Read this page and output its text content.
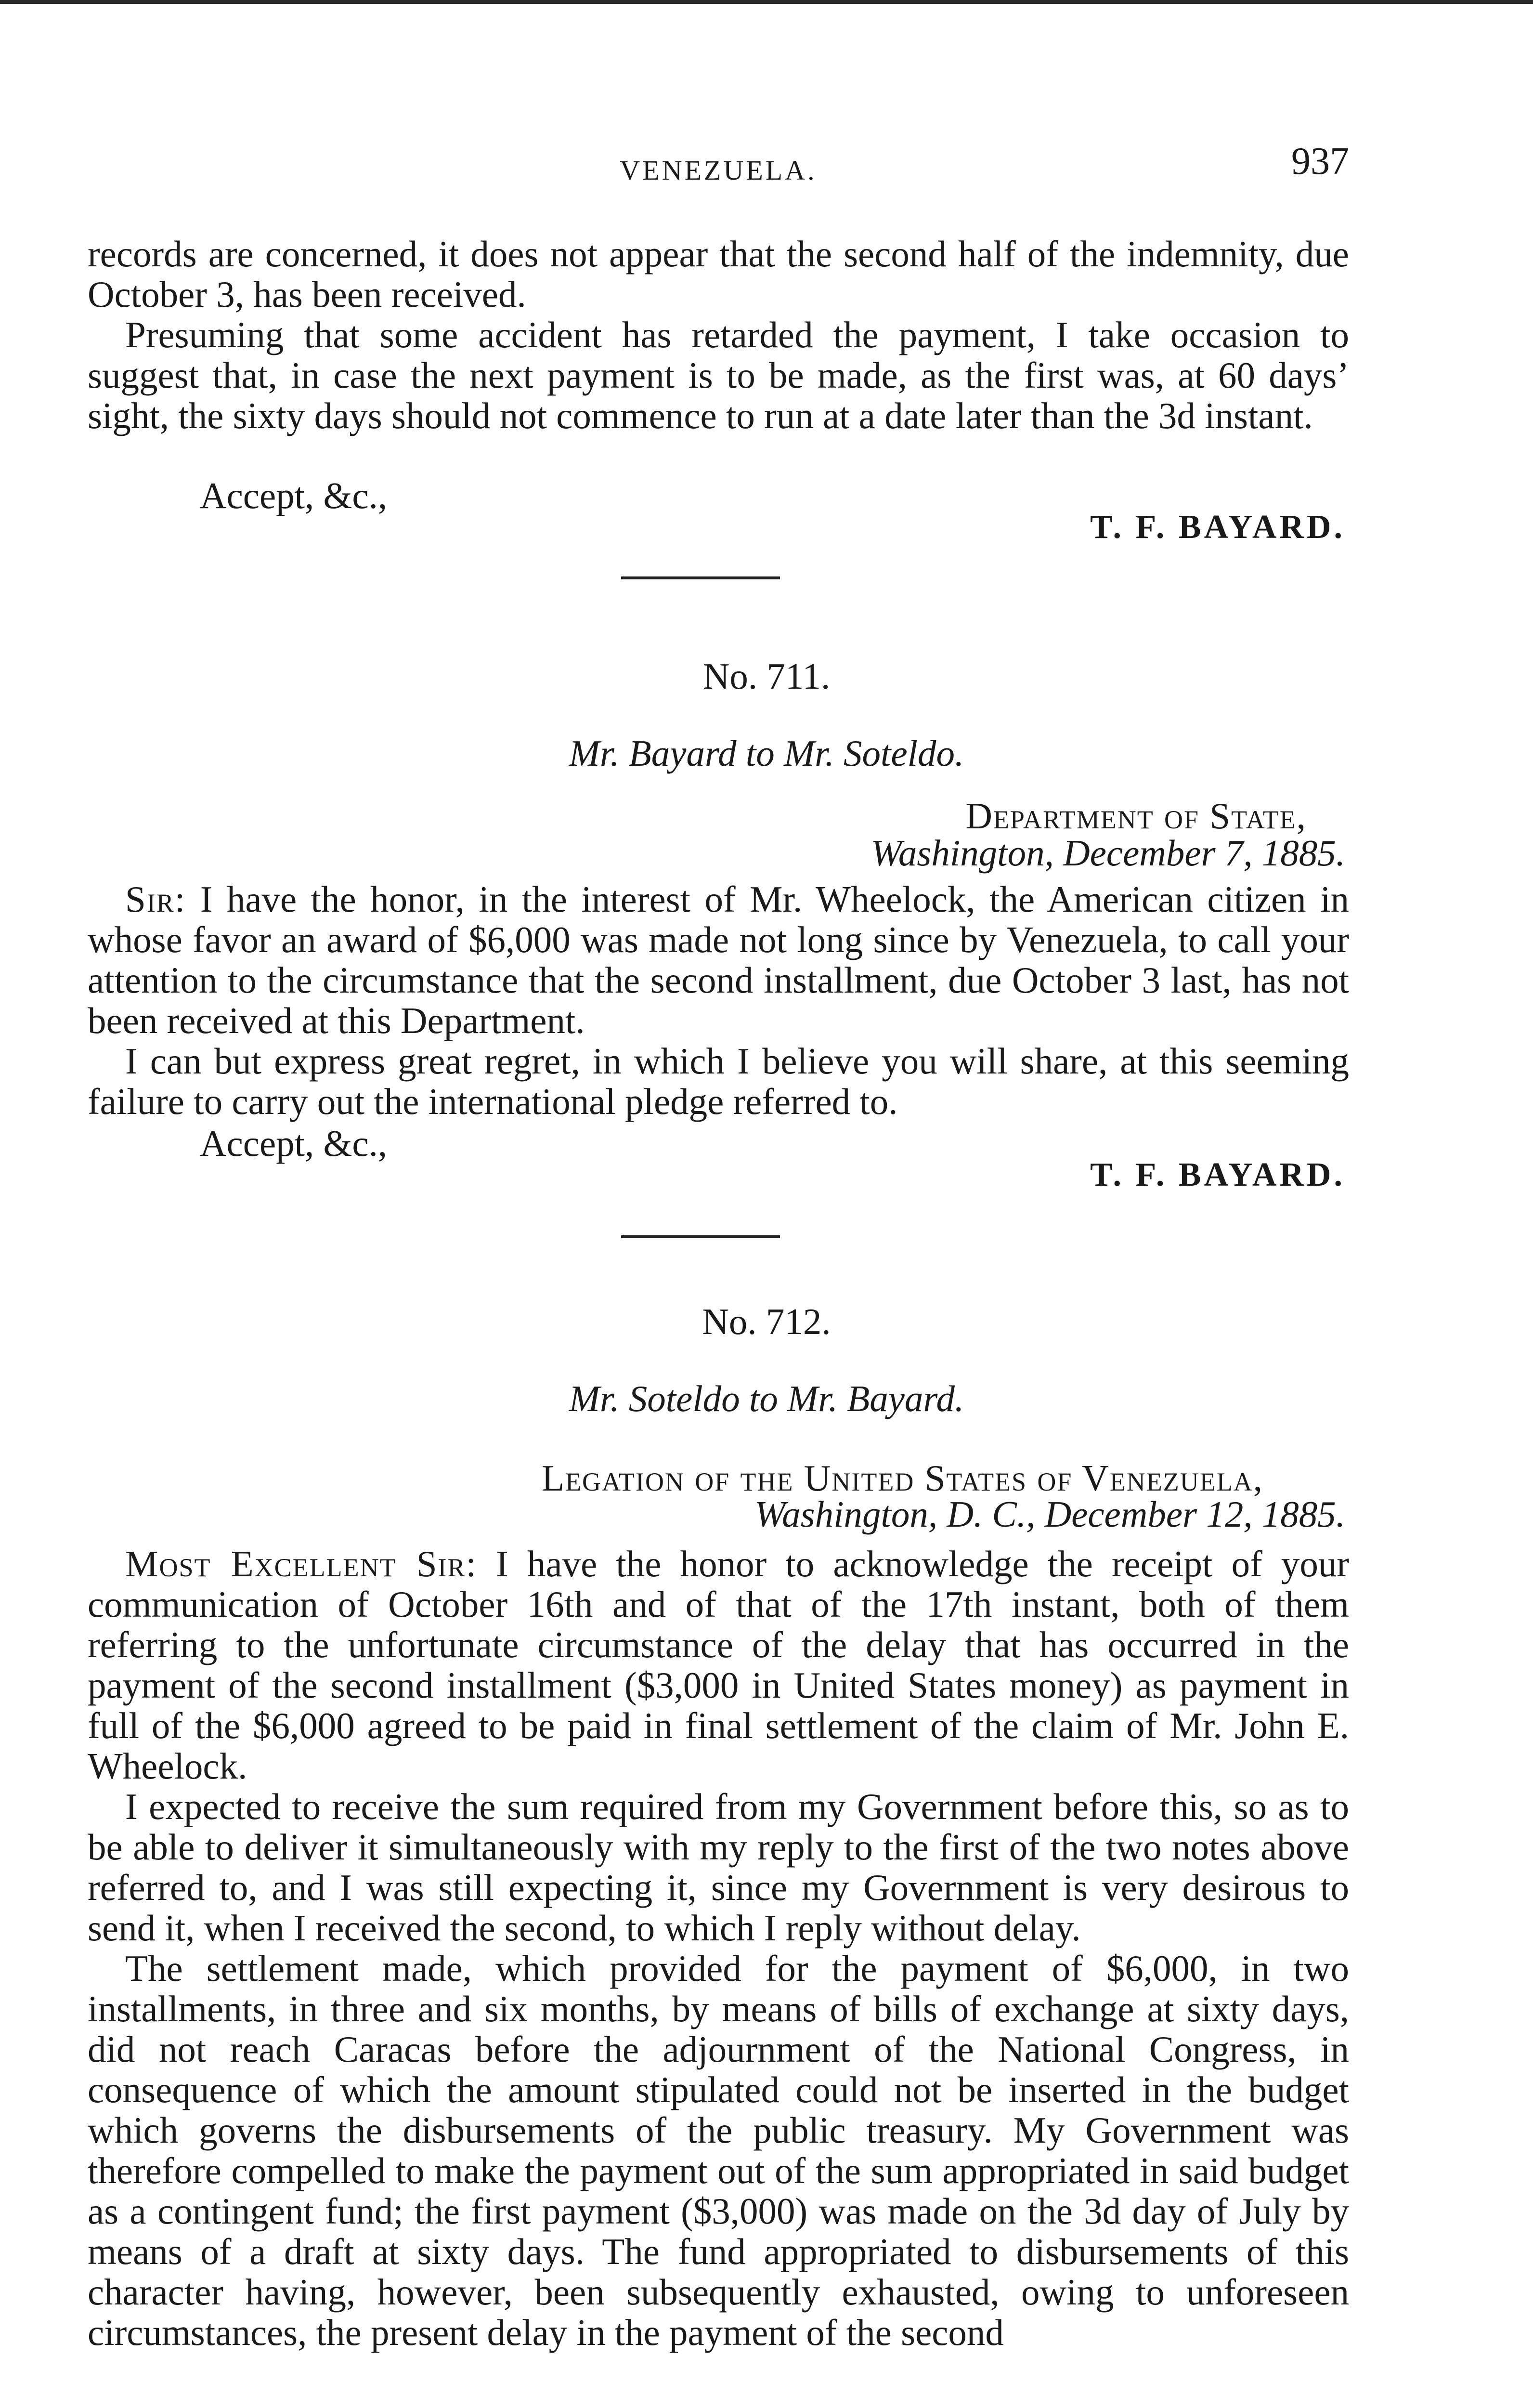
VENEZUELA.	937

records are concerned, it does not appear that the second half of the indemnity, due October 3, has been received.

Presuming that some accident has retarded the payment, I take occasion to suggest that, in case the next payment is to be made, as the first was, at 60 days’ sight, the sixty days should not commence to run at a date later than the 3d instant.

Accept, &c.,
T. F. BAYARD.
No. 711.
Mr. Bayard to Mr. Soteldo.
Department of State,
Washington, December 7, 1885.

Sir: I have the honor, in the interest of Mr. Wheelock, the American citizen in whose favor an award of $6,000 was made not long since by Venezuela, to call your attention to the circumstance that the second installment, due October 3 last, has not been received at this Department.

I can but express great regret, in which I believe you will share, at this seeming failure to carry out the international pledge referred to.

Accept, &c.,
T. F. BAYARD.
No. 712.
Mr. Soteldo to Mr. Bayard.
Legation of the United States of Venezuela,
Washington, D. C., December 12, 1885.

Most Excellent Sir: I have the honor to acknowledge the receipt of your communication of October 16th and of that of the 17th instant, both of them referring to the unfortunate circumstance of the delay that has occurred in the payment of the second installment ($3,000 in United States money) as payment in full of the $6,000 agreed to be paid in final settlement of the claim of Mr. John E. Wheelock.

I expected to receive the sum required from my Government before this, so as to be able to deliver it simultaneously with my reply to the first of the two notes above referred to, and I was still expecting it, since my Government is very desirous to send it, when I received the second, to which I reply without delay.

The settlement made, which provided for the payment of $6,000, in two installments, in three and six months, by means of bills of exchange at sixty days, did not reach Caracas before the adjournment of the National Congress, in consequence of which the amount stipulated could not be inserted in the budget which governs the disbursements of the public treasury. My Government was therefore compelled to make the payment out of the sum appropriated in said budget as a contingent fund; the first payment ($3,000) was made on the 3d day of July by means of a draft at sixty days. The fund appropriated to disbursements of this character having, however, been subsequently exhausted, owing to unforeseen circumstances, the present delay in the payment of the second
